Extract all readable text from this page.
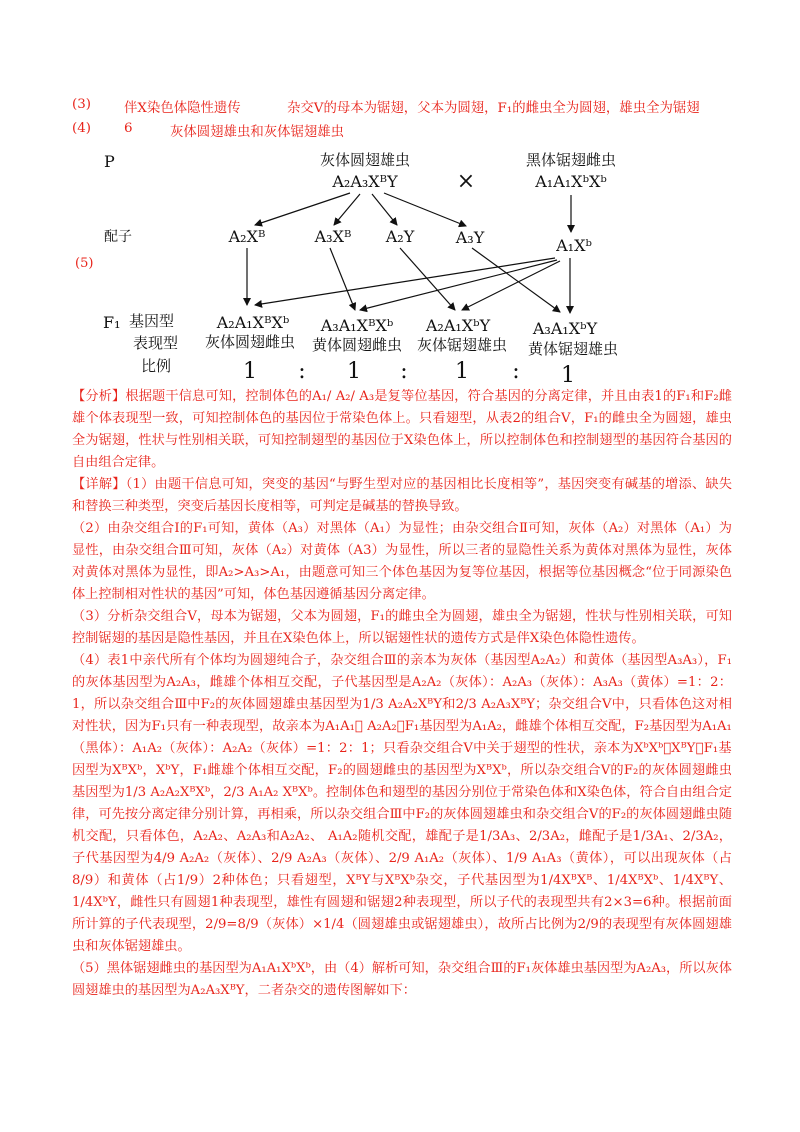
(3) 伴X染色体隐性遗传	杂交V的母本为锯翅，父本为圆翅，F₁的雌虫全为圆翅，雄虫全为锯翅
(4) 6	灰体圆翅雄虫和灰体锯翅雄虫
P	灰体圆翅雄虫
A₂A₃XᴮY	×
黑体锯翅雌虫
A₁A₁XᵇXᵇ
配子	A₂Xᴮ	A₃Xᴮ A₂Y	A₃Y	A₁Xᵇ
(5)
F₁ 基因型
表现型
比例
A₂A₁XᴮXᵇ
灰体圆翅雌虫
A₃A₁XᴮXᵇ
黄体圆翅雌虫
A₂A₁XᵇY
灰体锯翅雄虫
A₃A₁XᵇY
黄体锯翅雄虫
1 : 1 : 1 : 1

【分析】根据题干信息可知，控制体色的A₁/ A₂/ A₃是复等位基因，符合基因的分离定律，并且由表1的F₁和F₂雌雄个体表现型一致，可知控制体色的基因位于常染色体上。只看翅型，从表2的组合V，F₁的雌虫全为圆翅，雄虫全为锯翅，性状与性别相关联，可知控制翅型的基因位于X染色体上，所以控制体色和控制翅型的基因符合基因的自由组合定律。

【详解】（1）由题干信息可知，突变的基因“与野生型对应的基因相比长度相等”，基因突变有碱基的增添、缺失和替换三种类型，突变后基因长度相等，可判定是碱基的替换导致。

（2）由杂交组合Ⅰ的F₁可知，黄体（A₃）对黑体（A₁）为显性；由杂交组合Ⅱ可知，灰体（A₂）对黑体（A₁）为显性，由杂交组合Ⅲ可知，灰体（A₂）对黄体（A3）为显性，所以三者的显隐性关系为黄体对黑体为显性，灰体对黄体对黑体为显性，即A₂>A₃>A₁，由题意可知三个体色基因为复等位基因，根据等位基因概念“位于同源染色体上控制相对性状的基因”可知，体色基因遵循基因分离定律。

（3）分析杂交组合V，母本为锯翅，父本为圆翅，F₁的雌虫全为圆翅，雄虫全为锯翅，性状与性别相关联，可知控制锯翅的基因是隐性基因，并且在X染色体上，所以锯翅性状的遗传方式是伴X染色体隐性遗传。

（4）表1中亲代所有个体均为圆翅纯合子，杂交组合Ⅲ的亲本为灰体（基因型A₂A₂）和黄体（基因型A₃A₃），F₁的灰体基因型为A₂A₃，雌雄个体相互交配，子代基因型是A₂A₂（灰体）：A₂A₃（灰体）：A₃A₃（黄体）=1：2：1，所以杂交组合Ⅲ中F₂的灰体圆翅雄虫基因型为1/3 A₂A₂XᴮY和2/3 A₂A₃XᴮY；杂交组合V中，只看体色这对相对性状，因为F₁只有一种表现型，故亲本为A₁A₁⃞ A₂A₂，F₁基因型为A₁A₂，雌雄个体相互交配，F₂基因型为A₁A₁（黑体）：A₁A₂（灰体）：A₂A₂（灰体）=1：2：1；只看杂交组合V中关于翅型的性状，亲本为XᵇXᵇ⃞XᴮY，F₁基因型为XᴮXᵇ，XᵇY，F₁雌雄个体相互交配，F₂的圆翅雌虫的基因型为XᴮXᵇ，所以杂交组合V的F₂的灰体圆翅雌虫基因型为1/3 A₂A₂XᴮXᵇ，2/3 A₁A₂ XᴮXᵇ。控制体色和翅型的基因分别位于常染色体和X染色体，符合自由组合定律，可先按分离定律分别计算，再相乘，所以杂交组合Ⅲ中F₂的灰体圆翅雄虫和杂交组合V的F₂的灰体圆翅雌虫随机交配，只看体色，A₂A₂、A₂A₃和A₂A₂、 A₁A₂随机交配，雄配子是1/3A₃、2/3A₂，雌配子是1/3A₁、2/3A₂，子代基因型为4/9 A₂A₂（灰体）、2/9 A₂A₃（灰体）、2/9 A₁A₂（灰体）、1/9 A₁A₃（黄体），可以出现灰体（占8/9）和黄体（占1/9）2种体色；只看翅型，XᴮY与XᴮXᵇ杂交，子代基因型为1/4XᴮXᴮ、1/4XᴮXᵇ、1/4XᴮY、1/4XᵇY，雌性只有圆翅1种表现型，雄性有圆翅和锯翅2种表现型，所以子代的表现型共有2×3=6种。根据前面所计算的子代表现型，2/9=8/9（灰体）×1/4（圆翅雄虫或锯翅雄虫），故所占比例为2/9的表现型有灰体圆翅雄虫和灰体锯翅雄虫。

（5）黑体锯翅雌虫的基因型为A₁A₁XᵇXᵇ，由（4）解析可知，杂交组合Ⅲ的F₁灰体雄虫基因型为A₂A₃，所以灰体圆翅雄虫的基因型为A₂A₃XᴮY，二者杂交的遗传图解如下：
